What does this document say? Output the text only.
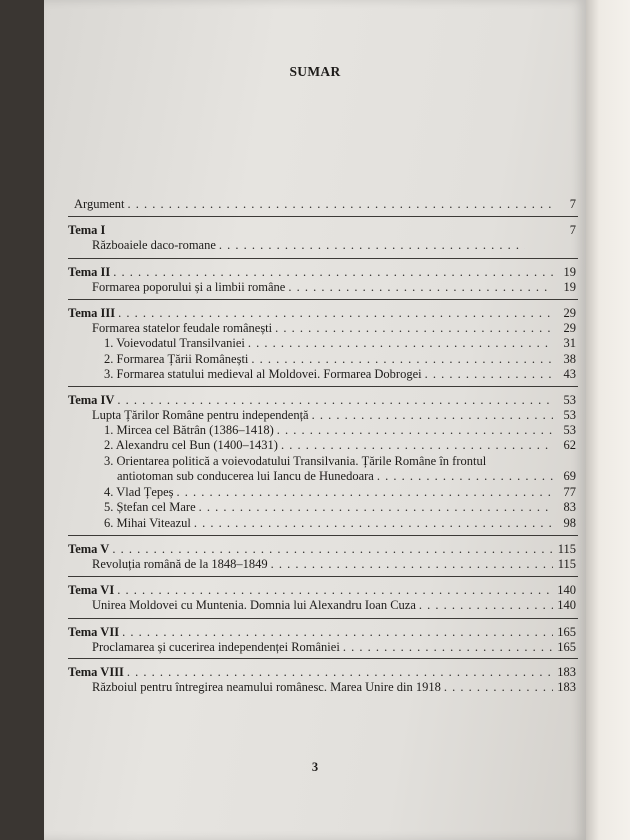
SUMAR
Argument . . .	7
Tema I	7
Războaiele daco-romane
. . .
Tema II . . .	19
Formarea poporului și a limbii române . . .	19
Tema III . . .	29
Formarea statelor feudale românești . . .	29
1. Voievodatul Transilvaniei . . .	31
2. Formarea Țării Românești . . .	38
3. Formarea statului medieval al Moldovei. Formarea Dobrogei . . .	43
Tema IV . . .	53
Lupta Țărilor Române pentru independență . . .	53
1. Mircea cel Bătrân (1386–1418) . . .	53
2. Alexandru cel Bun (1400–1431) . . .	62
3. Orientarea politică a voievodatului Transilvania. Țările Române în frontul
antiotoman sub conducerea lui Iancu de Hunedoara . . .	69
4. Vlad Țepeș . . .	77
5. Ștefan cel Mare . . .	83
6. Mihai Viteazul . . .	98
Tema V . . .	115
Revoluția română de la 1848–1849 . . .	115
Tema VI . . .	140
Unirea Moldovei cu Muntenia. Domnia lui Alexandru Ioan Cuza . . .	140
Tema VII . . .	165
Proclamarea și cucerirea independenței României . . .	165
Tema VIII . . .	183
Războiul pentru întregirea neamului românesc. Marea Unire din 1918 . . .	183
3
